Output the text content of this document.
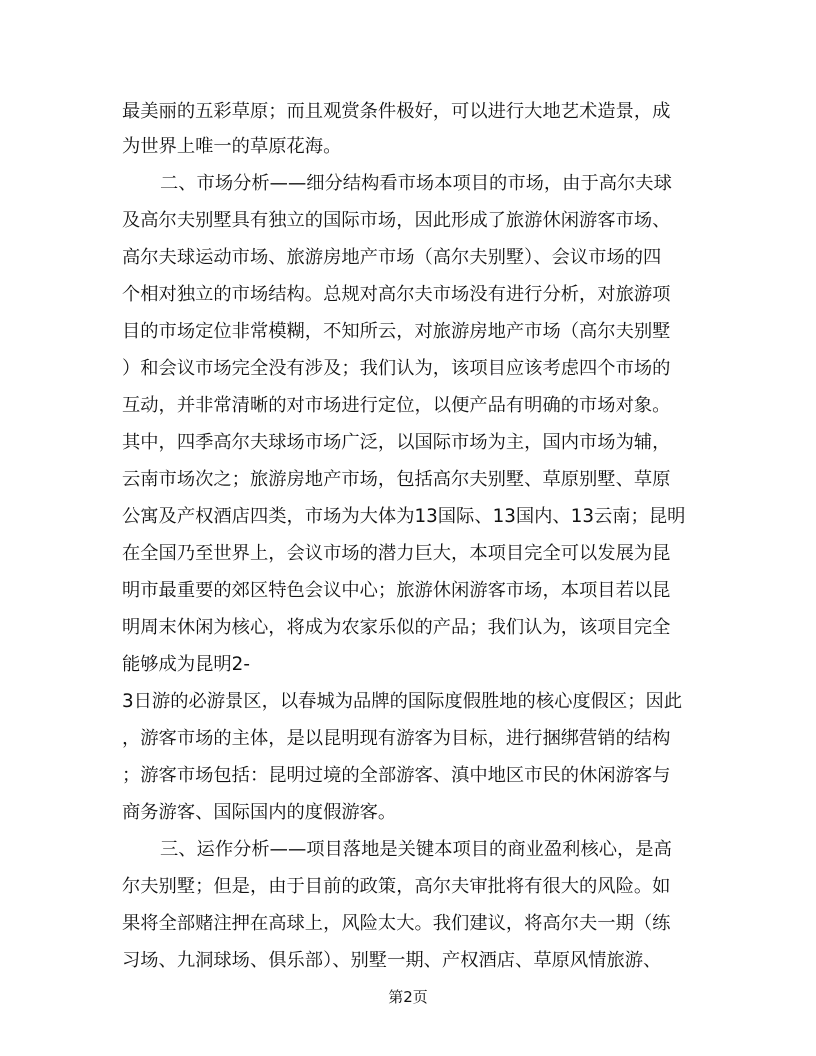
最美丽的五彩草原；而且观赏条件极好，可以进行大地艺术造景，成
为世界上唯一的草原花海。
二、市场分析——细分结构看市场本项目的市场，由于高尔夫球
及高尔夫别墅具有独立的国际市场，因此形成了旅游休闲游客市场、
高尔夫球运动市场、旅游房地产市场（高尔夫别墅）、会议市场的四
个相对独立的市场结构。总规对高尔夫市场没有进行分析，对旅游项
目的市场定位非常模糊，不知所云，对旅游房地产市场（高尔夫别墅
）和会议市场完全没有涉及；我们认为，该项目应该考虑四个市场的
互动，并非常清晰的对市场进行定位，以便产品有明确的市场对象。
其中，四季高尔夫球场市场广泛，以国际市场为主，国内市场为辅，
云南市场次之；旅游房地产市场，包括高尔夫别墅、草原别墅、草原
公寓及产权酒店四类，市场为大体为13国际、13国内、13云南；昆明
在全国乃至世界上，会议市场的潜力巨大，本项目完全可以发展为昆
明市最重要的郊区特色会议中心；旅游休闲游客市场，本项目若以昆
明周末休闲为核心，将成为农家乐似的产品；我们认为，该项目完全
能够成为昆明2-
3日游的必游景区，以春城为品牌的国际度假胜地的核心度假区；因此
，游客市场的主体，是以昆明现有游客为目标，进行捆绑营销的结构
；游客市场包括：昆明过境的全部游客、滇中地区市民的休闲游客与
商务游客、国际国内的度假游客。
三、运作分析——项目落地是关键本项目的商业盈利核心，是高
尔夫别墅；但是，由于目前的政策，高尔夫审批将有很大的风险。如
果将全部赌注押在高球上，风险太大。我们建议，将高尔夫一期（练
习场、九洞球场、俱乐部）、别墅一期、产权酒店、草原风情旅游、
第2页
